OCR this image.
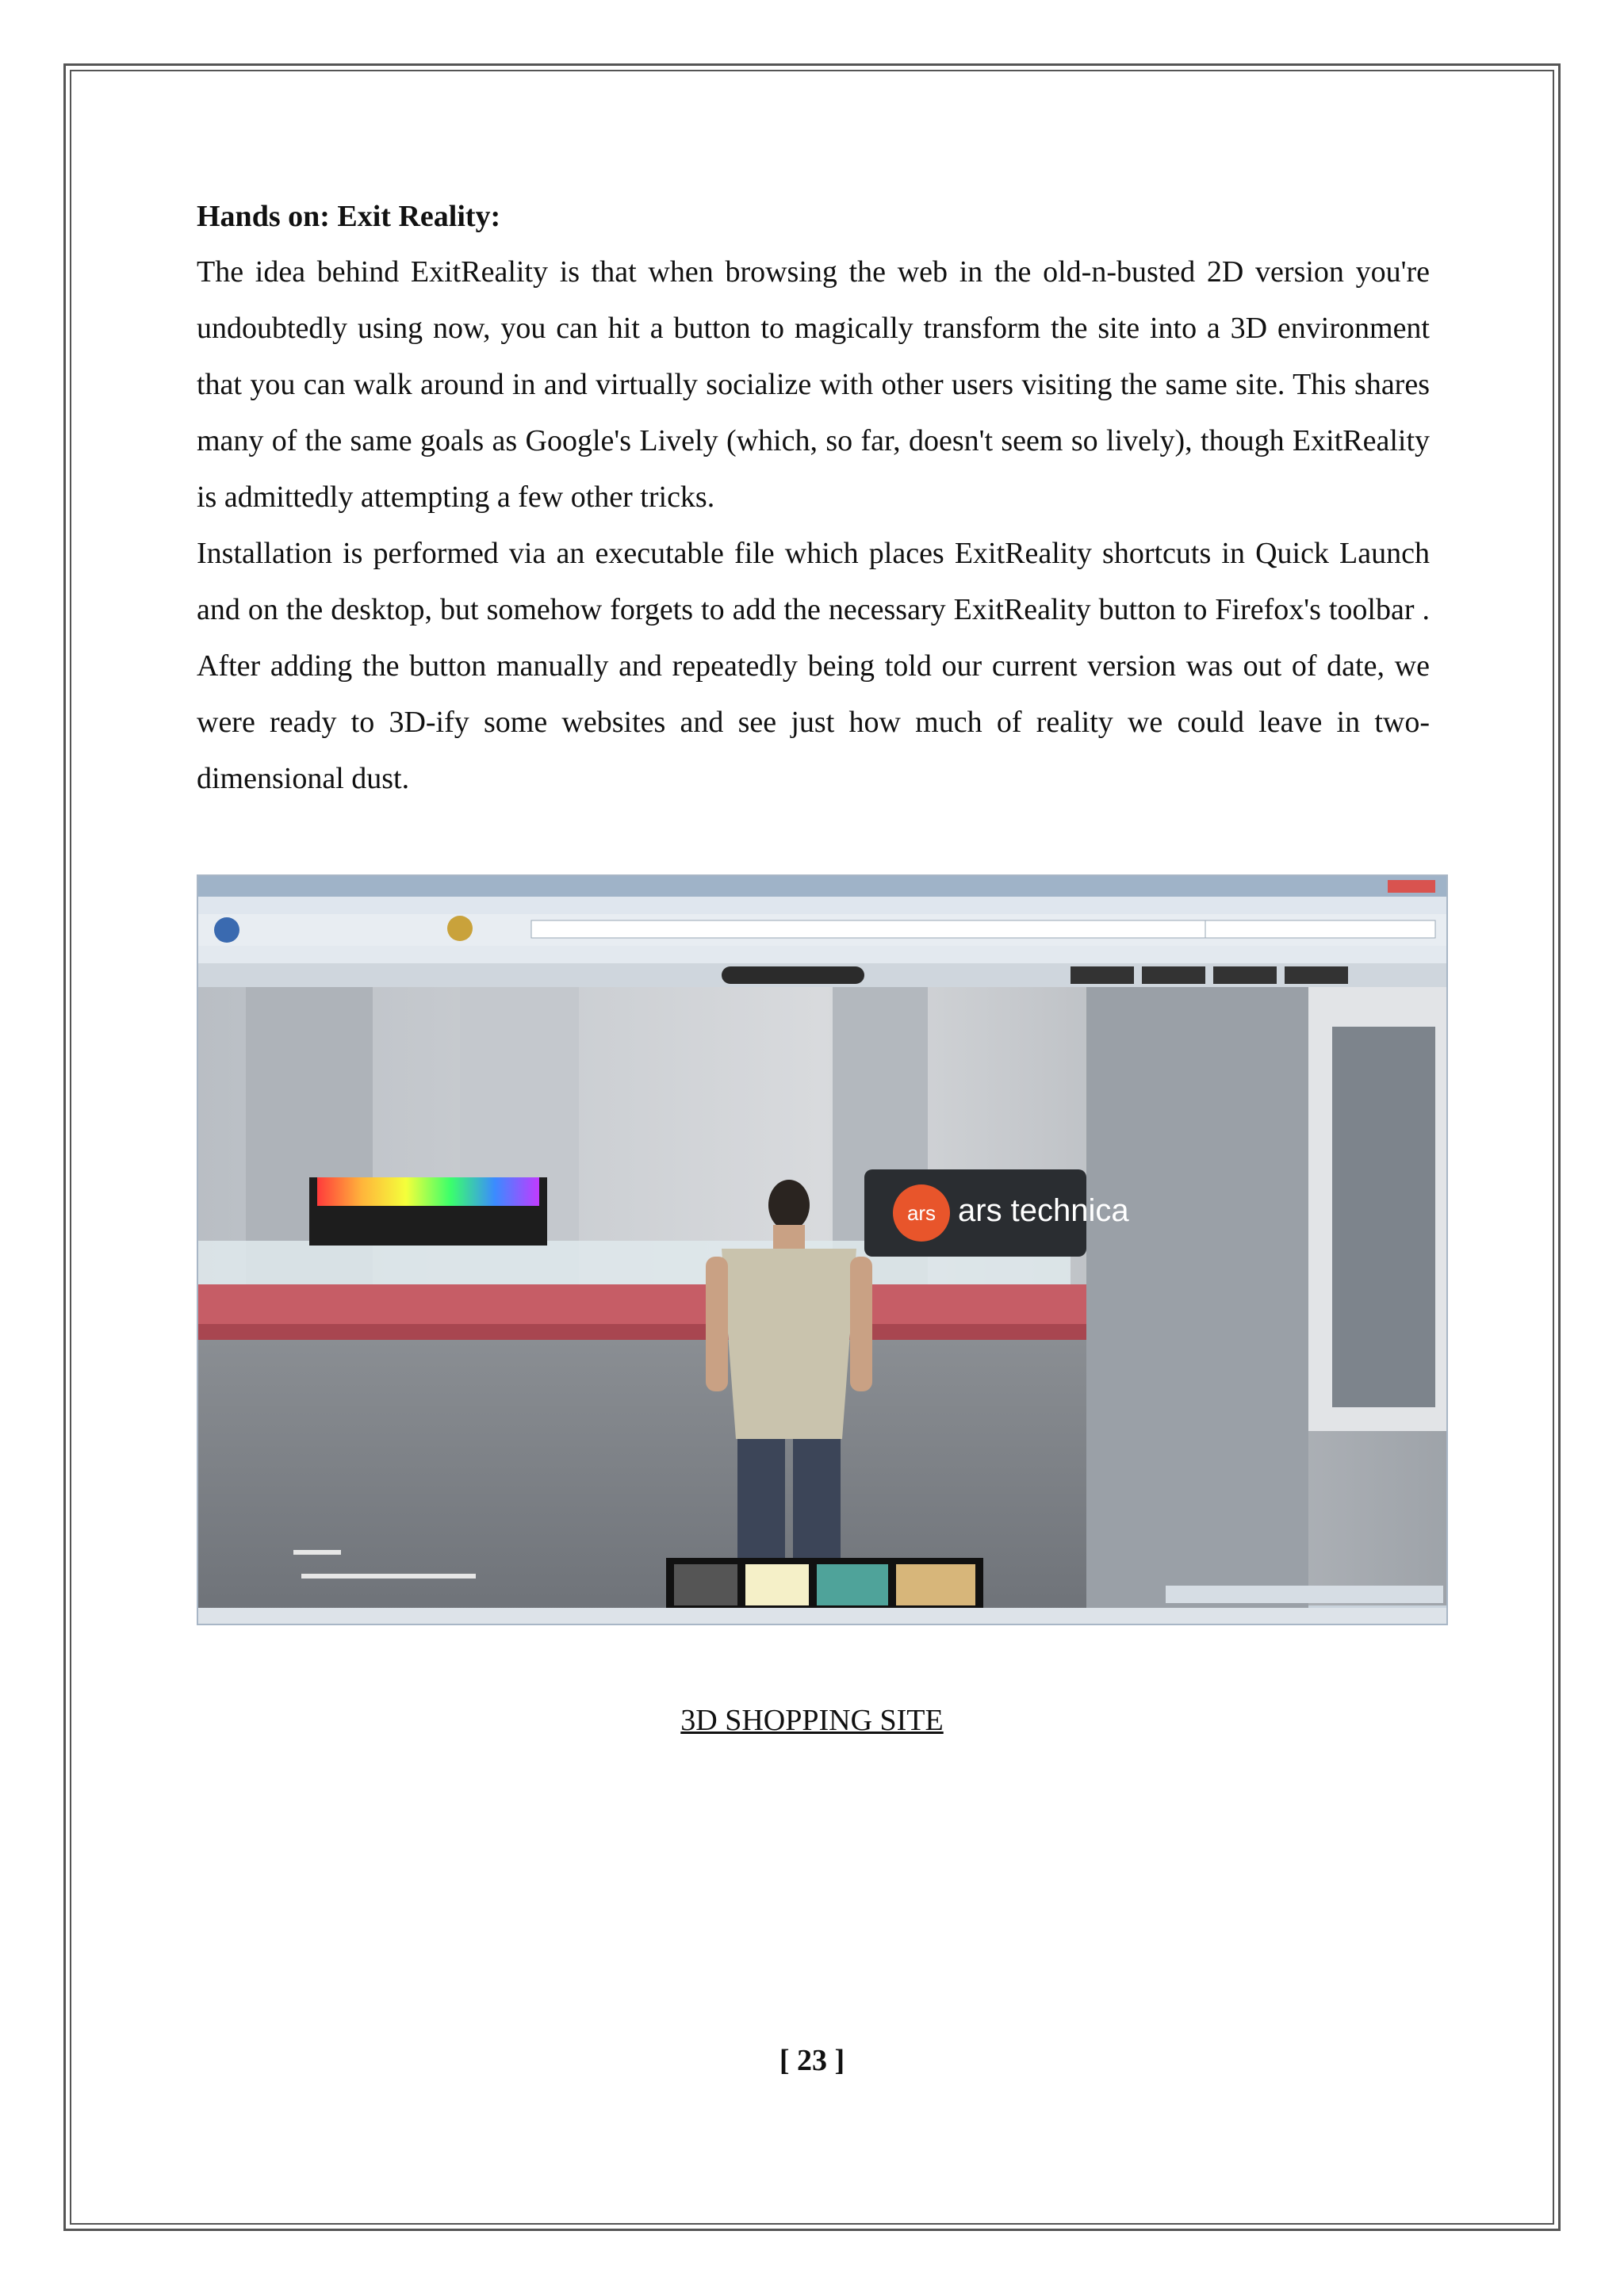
Hands on: Exit Reality:

The idea behind ExitReality is that when browsing the web in the old-n-busted 2D version you're undoubtedly using now, you can hit a button to magically transform the site into a 3D environment that you can walk around in and virtually socialize with other users visiting the same site. This shares many of the same goals as Google's Lively (which, so far, doesn't seem so lively), though ExitReality is admittedly attempting a few other tricks.

Installation is performed via an executable file which places ExitReality shortcuts in Quick Launch and on the desktop, but somehow forgets to add the necessary ExitReality button to Firefox's toolbar . After adding the button manually and repeatedly being told our current version was out of date, we were ready to 3D-ify some websites and see just how much of reality we could leave in two-dimensional dust.

ars ars technica
3D SHOPPING SITE
[ 23 ]
